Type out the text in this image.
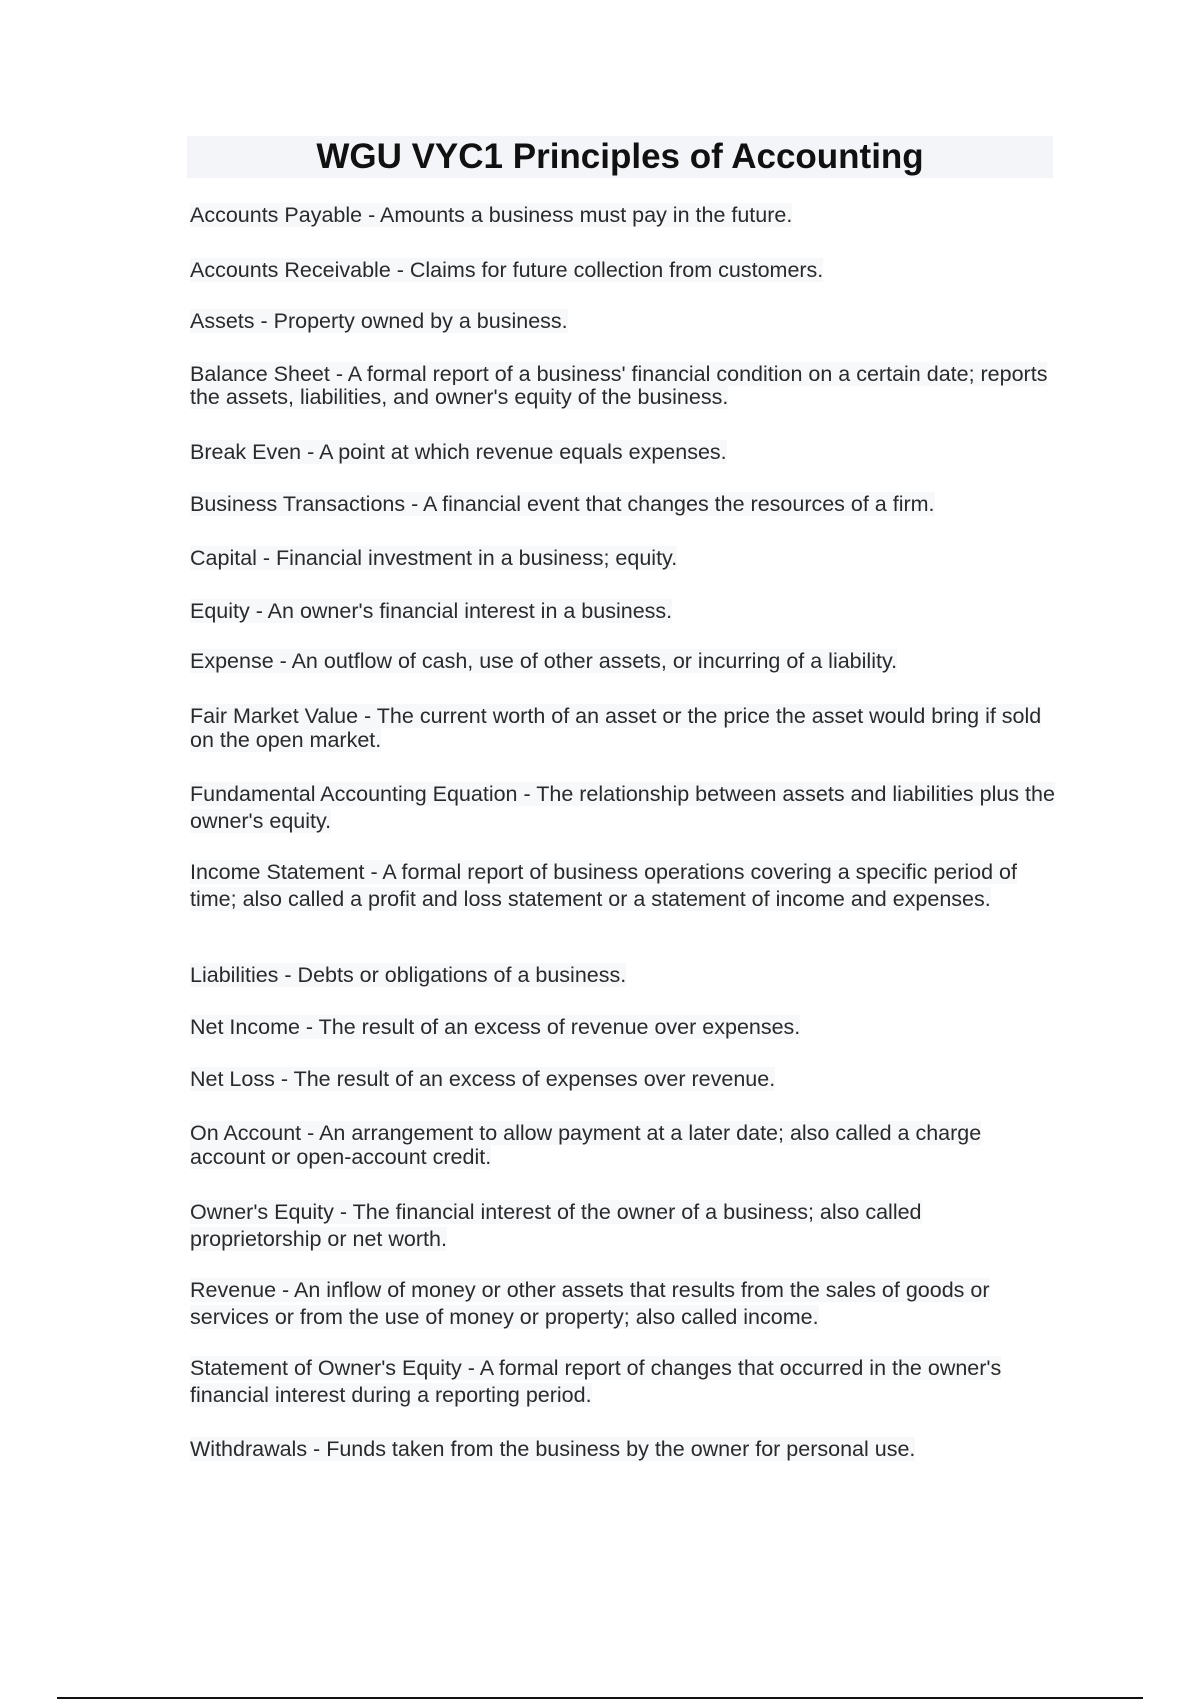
WGU VYC1 Principles of Accounting

Accounts Payable - Amounts a business must pay in the future.

Accounts Receivable - Claims for future collection from customers.

Assets - Property owned by a business.

Balance Sheet - A formal report of a business' financial condition on a certain date; reports the assets, liabilities, and owner's equity of the business.

Break Even - A point at which revenue equals expenses.

Business Transactions - A financial event that changes the resources of a firm.

Capital - Financial investment in a business; equity.

Equity - An owner's financial interest in a business.

Expense - An outflow of cash, use of other assets, or incurring of a liability.

Fair Market Value - The current worth of an asset or the price the asset would bring if sold on the open market.

Fundamental Accounting Equation - The relationship between assets and liabilities plus the owner's equity.

Income Statement - A formal report of business operations covering a specific period of time; also called a profit and loss statement or a statement of income and expenses.

Liabilities - Debts or obligations of a business.

Net Income - The result of an excess of revenue over expenses.

Net Loss - The result of an excess of expenses over revenue.

On Account - An arrangement to allow payment at a later date; also called a charge account or open-account credit.

Owner's Equity - The financial interest of the owner of a business; also called proprietorship or net worth.

Revenue - An inflow of money or other assets that results from the sales of goods or services or from the use of money or property; also called income.

Statement of Owner's Equity - A formal report of changes that occurred in the owner's financial interest during a reporting period.

Withdrawals - Funds taken from the business by the owner for personal use.
